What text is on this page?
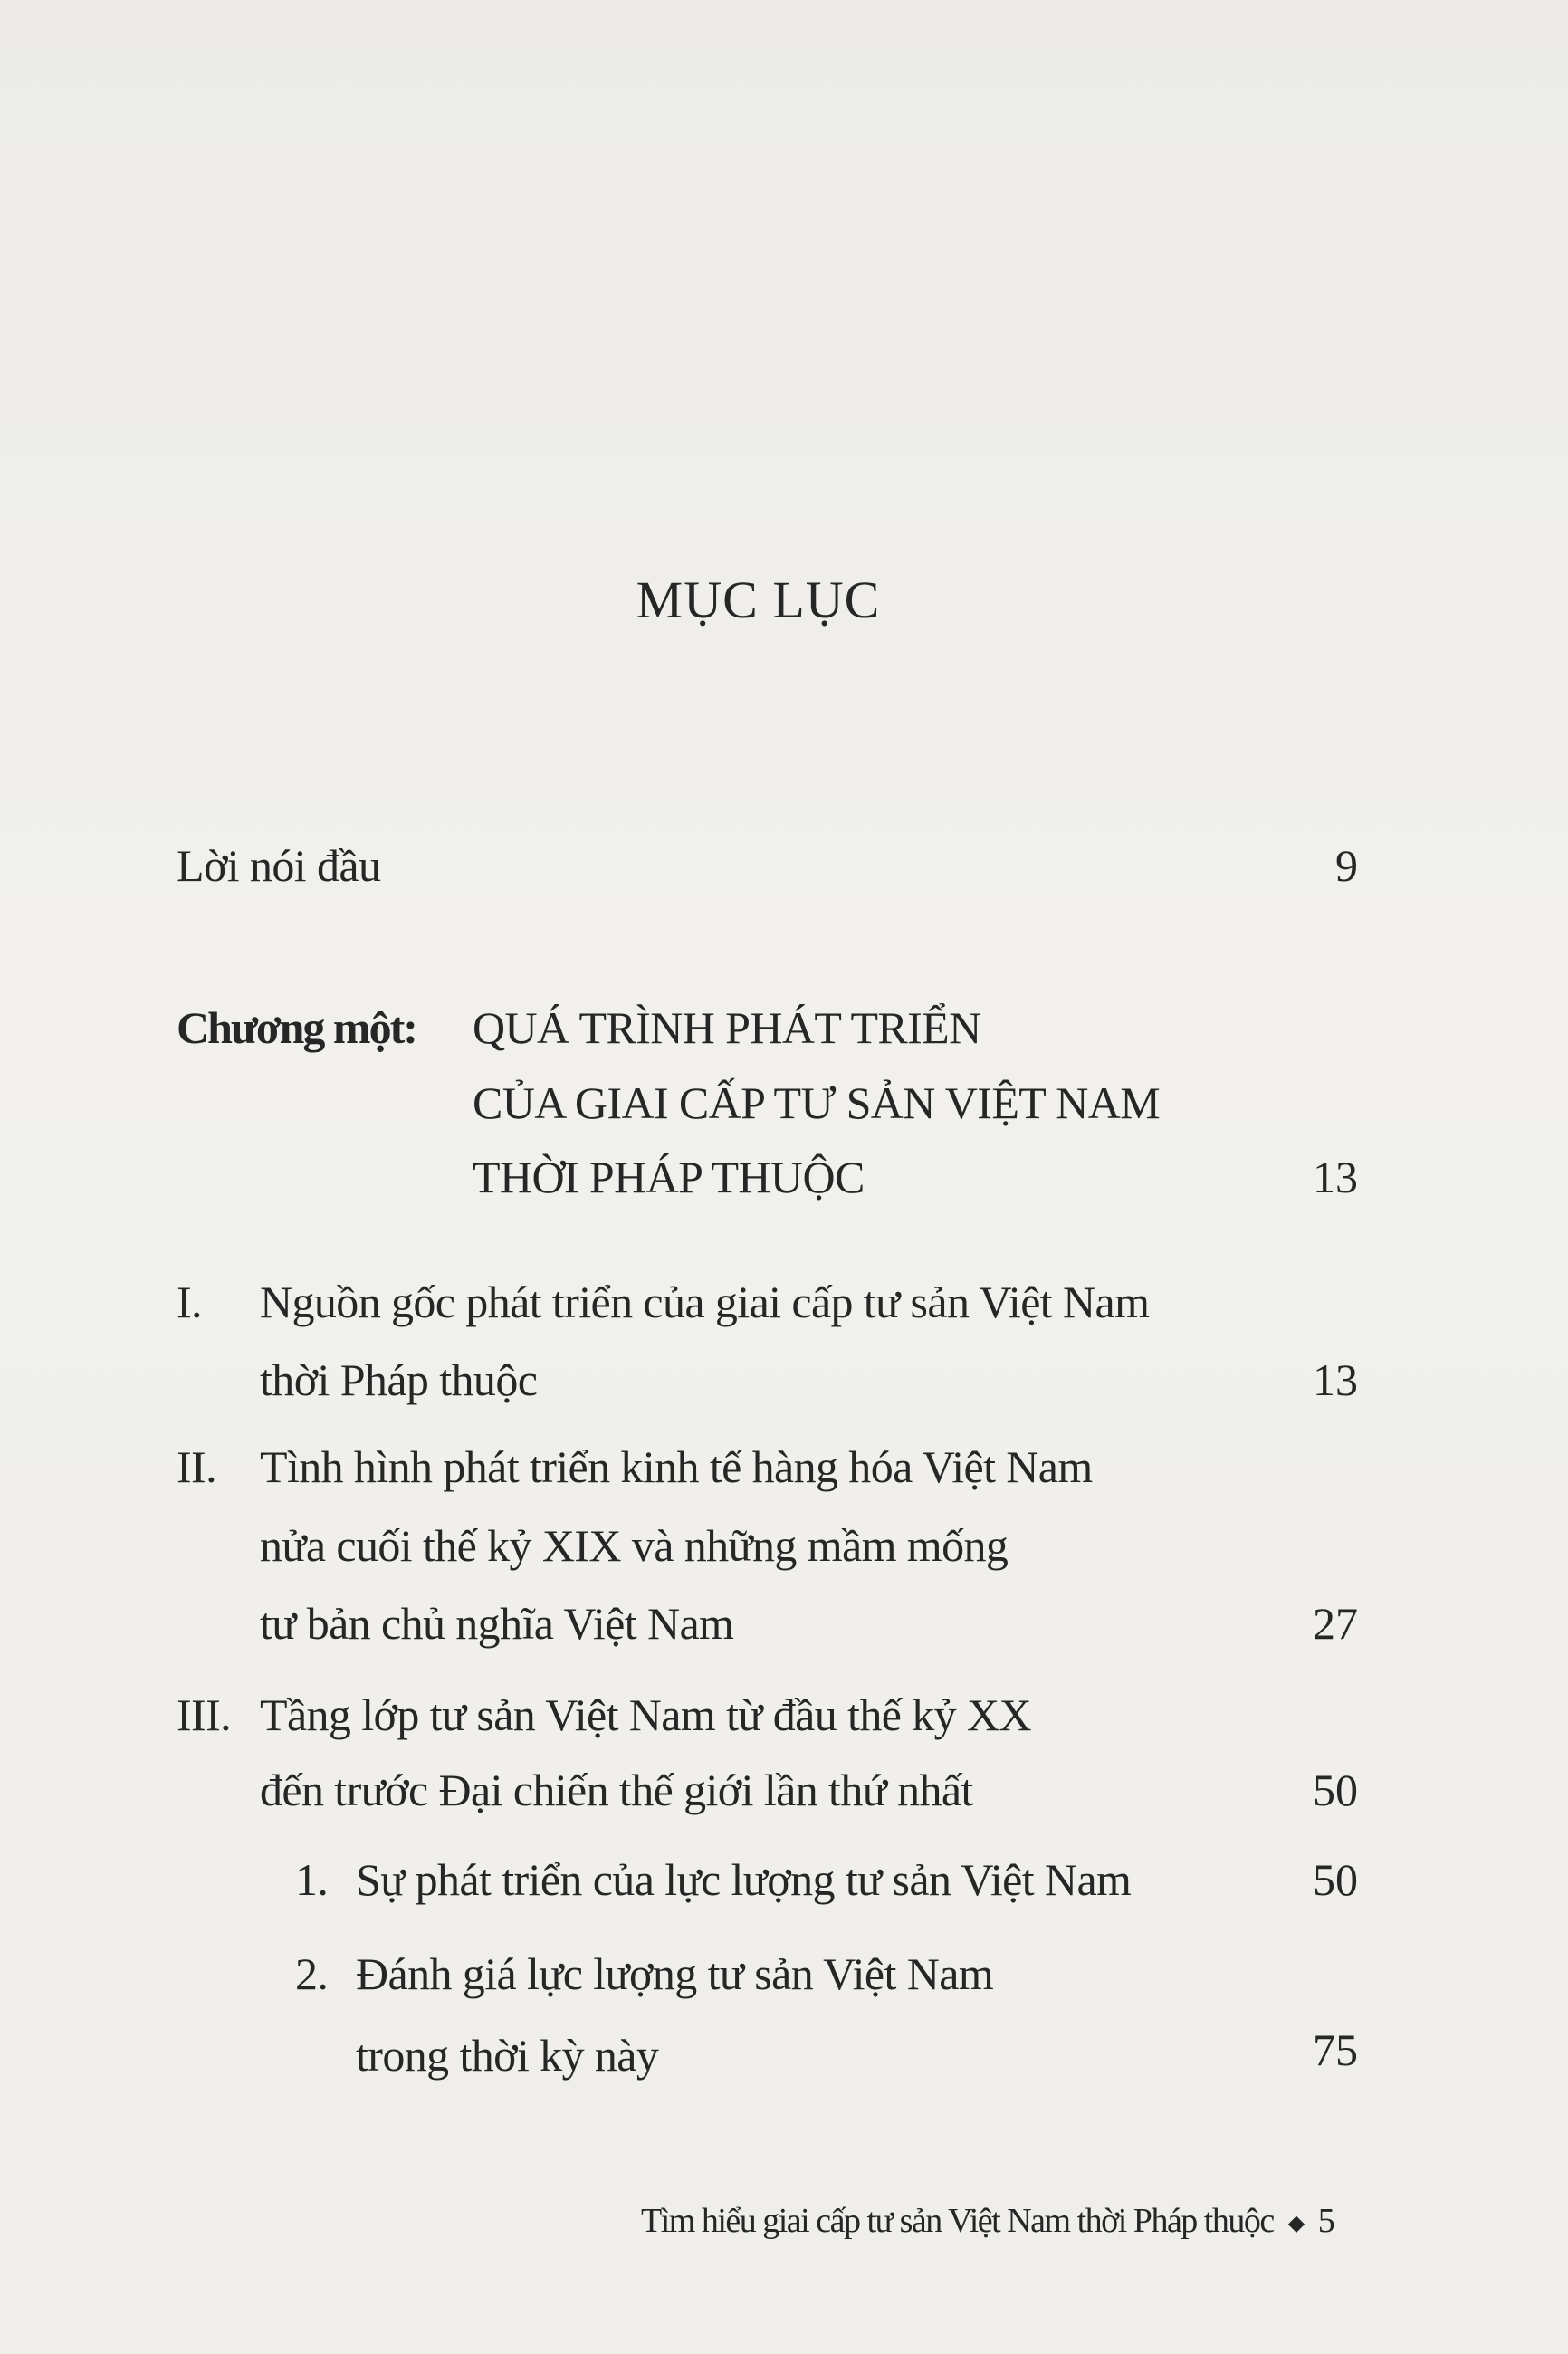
MỤC LỤC
Lời nói đầu	9
Chương một: QUÁ TRÌNH PHÁT TRIỂN
CỦA GIAI CẤP TƯ SẢN VIỆT NAM
THỜI PHÁP THUỘC	13
I. Nguồn gốc phát triển của giai cấp tư sản Việt Nam
thời Pháp thuộc	13
II. Tình hình phát triển kinh tế hàng hóa Việt Nam
nửa cuối thế kỷ XIX và những mầm mống
tư bản chủ nghĩa Việt Nam	27
III. Tầng lớp tư sản Việt Nam từ đầu thế kỷ XX
đến trước Đại chiến thế giới lần thứ nhất	50
1. Sự phát triển của lực lượng tư sản Việt Nam	50
2. Đánh giá lực lượng tư sản Việt Nam
trong thời kỳ này	75
Tìm hiểu giai cấp tư sản Việt Nam thời Pháp thuộc ◆ 5
